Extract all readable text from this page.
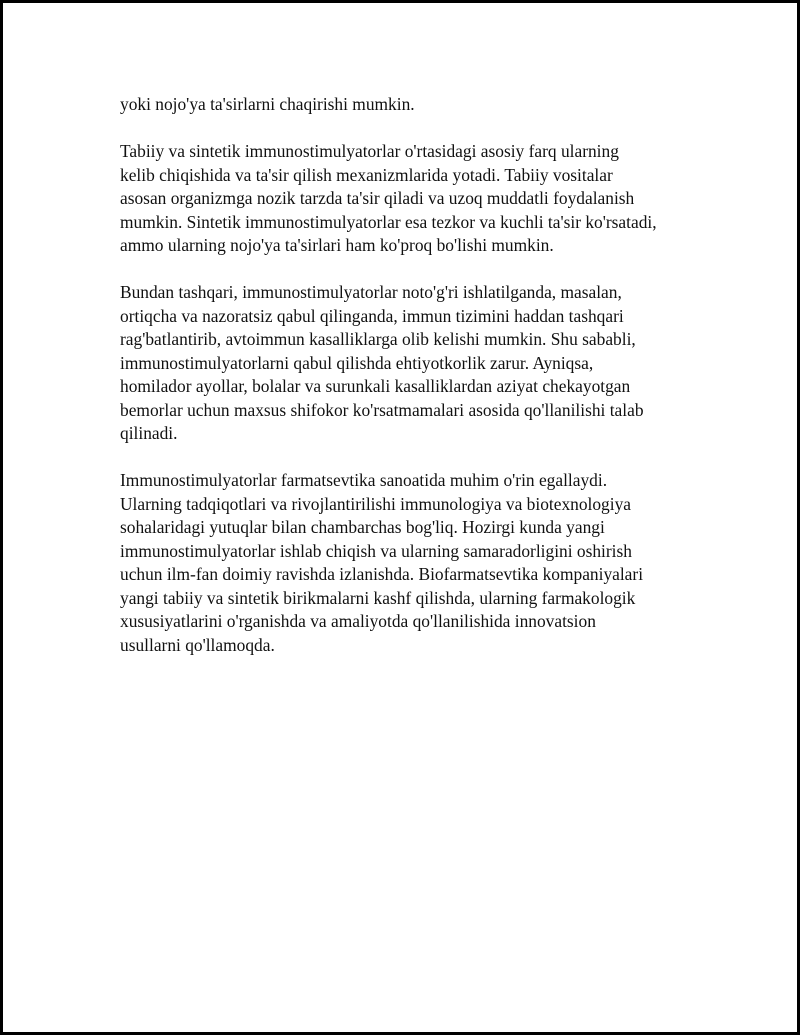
yoki nojo'ya ta'sirlarni chaqirishi mumkin.

Tabiiy va sintetik immunostimulyatorlar o'rtasidagi asosiy farq ularning
kelib chiqishida va ta'sir qilish mexanizmlarida yotadi. Tabiiy vositalar
asosan organizmga nozik tarzda ta'sir qiladi va uzoq muddatli foydalanish
mumkin. Sintetik immunostimulyatorlar esa tezkor va kuchli ta'sir ko'rsatadi,
ammo ularning nojo'ya ta'sirlari ham ko'proq bo'lishi mumkin.

Bundan tashqari, immunostimulyatorlar noto'g'ri ishlatilganda, masalan,
ortiqcha va nazoratsiz qabul qilinganda, immun tizimini haddan tashqari
rag'batlantirib, avtoimmun kasalliklarga olib kelishi mumkin. Shu sababli,
immunostimulyatorlarni qabul qilishda ehtiyotkorlik zarur. Ayniqsa,
homilador ayollar, bolalar va surunkali kasalliklardan aziyat chekayotgan
bemorlar uchun maxsus shifokor ko'rsatmamalari asosida qo'llanilishi talab
qilinadi.

Immunostimulyatorlar farmatsevtika sanoatida muhim o'rin egallaydi.
Ularning tadqiqotlari va rivojlantirilishi immunologiya va biotexnologiya
sohalaridagi yutuqlar bilan chambarchas bog'liq. Hozirgi kunda yangi
immunostimulyatorlar ishlab chiqish va ularning samaradorligini oshirish
uchun ilm-fan doimiy ravishda izlanishda. Biofarmatsevtika kompaniyalari
yangi tabiiy va sintetik birikmalarni kashf qilishda, ularning farmakologik
xususiyatlarini o'rganishda va amaliyotda qo'llanilishida innovatsion
usullarni qo'llamoqda.
